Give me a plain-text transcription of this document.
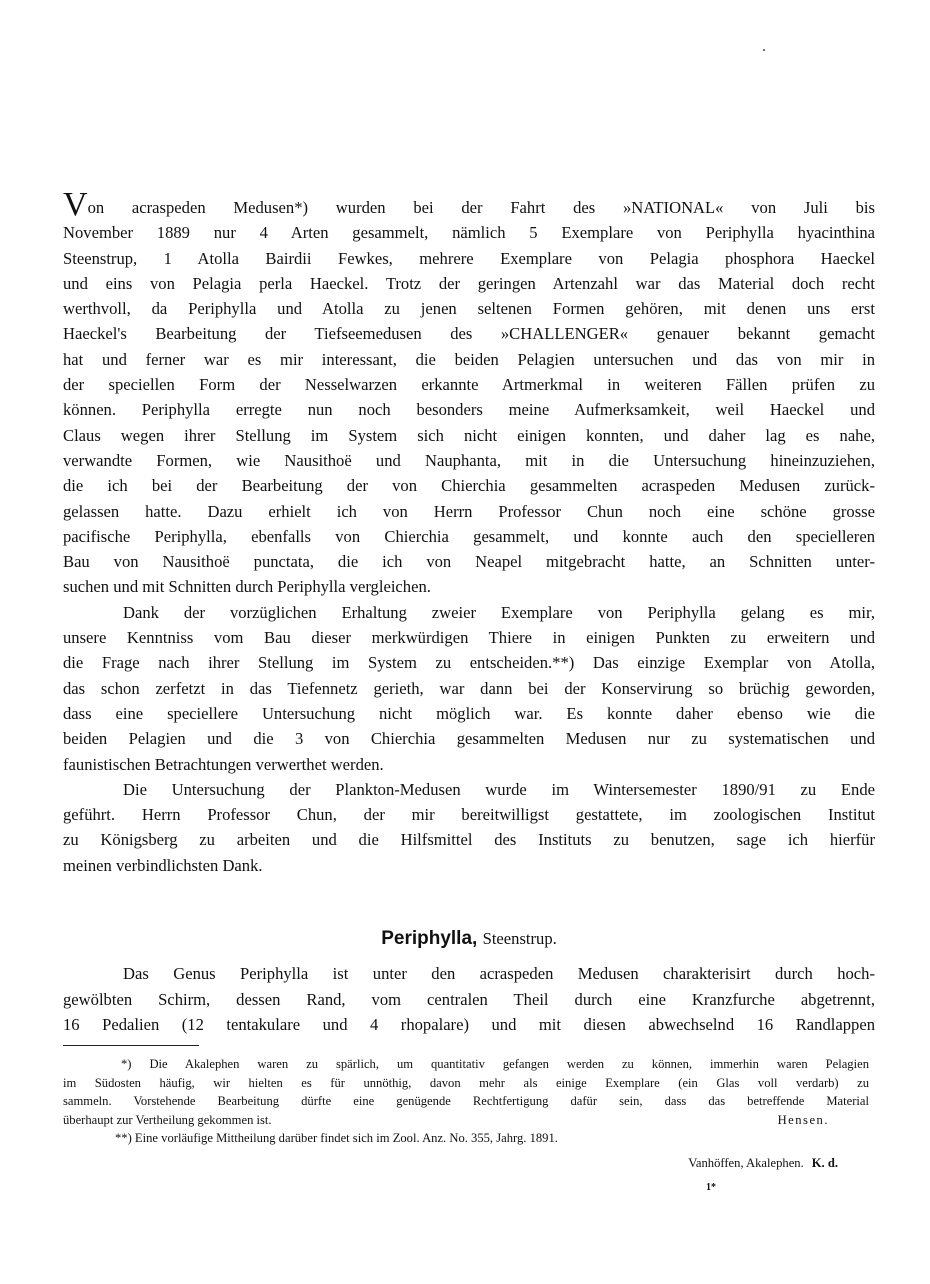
Von acraspeden Medusen*) wurden bei der Fahrt des »NATIONAL« von Juli bis
November 1889 nur 4 Arten gesammelt, nämlich 5 Exemplare von Periphylla hyacinthina
Steenstrup, 1 Atolla Bairdii Fewkes, mehrere Exemplare von Pelagia phosphora Haeckel
und eins von Pelagia perla Haeckel. Trotz der geringen Artenzahl war das Material doch recht
werthvoll, da Periphylla und Atolla zu jenen seltenen Formen gehören, mit denen uns erst
Haeckel's Bearbeitung der Tiefseemedusen des »CHALLENGER« genauer bekannt gemacht
hat und ferner war es mir interessant, die beiden Pelagien untersuchen und das von mir in
der speciellen Form der Nesselwarzen erkannte Artmerkmal in weiteren Fällen prüfen zu
können. Periphylla erregte nun noch besonders meine Aufmerksamkeit, weil Haeckel und
Claus wegen ihrer Stellung im System sich nicht einigen konnten, und daher lag es nahe,
verwandte Formen, wie Nausithoë und Nauphanta, mit in die Untersuchung hineinzuziehen,
die ich bei der Bearbeitung der von Chierchia gesammelten acraspeden Medusen zurück-
gelassen hatte. Dazu erhielt ich von Herrn Professor Chun noch eine schöne grosse
pacifische Periphylla, ebenfalls von Chierchia gesammelt, und konnte auch den specielleren
Bau von Nausithoë punctata, die ich von Neapel mitgebracht hatte, an Schnitten unter-
suchen und mit Schnitten durch Periphylla vergleichen.

Dank der vorzüglichen Erhaltung zweier Exemplare von Periphylla gelang es mir,
unsere Kenntniss vom Bau dieser merkwürdigen Thiere in einigen Punkten zu erweitern und
die Frage nach ihrer Stellung im System zu entscheiden.**) Das einzige Exemplar von Atolla,
das schon zerfetzt in das Tiefennetz gerieth, war dann bei der Konservirung so brüchig geworden,
dass eine speciellere Untersuchung nicht möglich war. Es konnte daher ebenso wie die
beiden Pelagien und die 3 von Chierchia gesammelten Medusen nur zu systematischen und
faunistischen Betrachtungen verwerthet werden.

Die Untersuchung der Plankton-Medusen wurde im Wintersemester 1890/91 zu Ende
geführt. Herrn Professor Chun, der mir bereitwilligst gestattete, im zoologischen Institut
zu Königsberg zu arbeiten und die Hilfsmittel des Instituts zu benutzen, sage ich hierfür
meinen verbindlichsten Dank.

Periphylla, Steenstrup.

Das Genus Periphylla ist unter den acraspeden Medusen charakterisirt durch hoch-
gewölbten Schirm, dessen Rand, vom centralen Theil durch eine Kranzfurche abgetrennt,
16 Pedalien (12 tentakulare und 4 rhopalare) und mit diesen abwechselnd 16 Randlappen

*) Die Akalephen waren zu spärlich, um quantitativ gefangen werden zu können, immerhin waren Pelagien
im Südosten häufig, wir hielten es für unnöthig, davon mehr als einige Exemplare (ein Glas voll verdarb) zu
sammeln. Vorstehende Bearbeitung dürfte eine genügende Rechtfertigung dafür sein, dass das betreffende Material
überhaupt zur Vertheilung gekommen ist.	Hensen.
**) Eine vorläufige Mittheilung darüber findet sich im Zool. Anz. No. 355, Jahrg. 1891.
Vanhöffen, Akalephen. K. d.
1*
